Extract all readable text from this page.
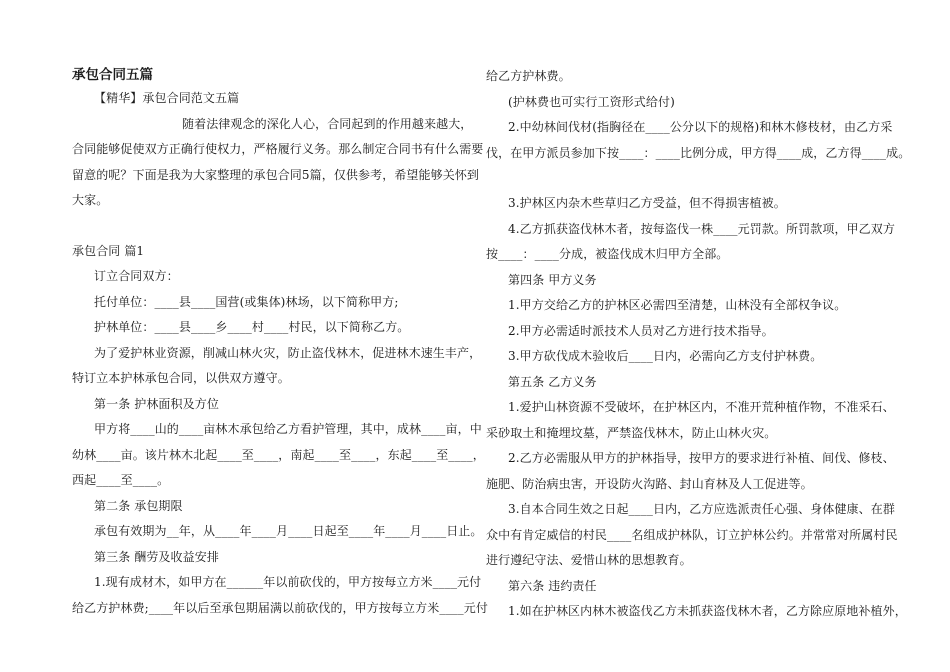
承包合同五篇

【精华】承包合同范文五篇

随着法律观念的深化人心，合同起到的作用越来越大，

合同能够促使双方正确行使权力，严格履行义务。那么制定合同书有什么需要

留意的呢？下面是我为大家整理的承包合同5篇，仅供参考，希望能够关怀到

大家。

承包合同 篇1

订立合同双方：

托付单位：____县____国营(或集体)林场，以下简称甲方;

护林单位：____县____乡____村____村民，以下简称乙方。

为了爱护林业资源，削减山林火灾，防止盗伐林木，促进林木速生丰产，

特订立本护林承包合同，以供双方遵守。

第一条 护林面积及方位

甲方将____山的____亩林木承包给乙方看护管理，其中，成林____亩，中

幼林____亩。该片林木北起____至____，南起____至____，东起____至____，

西起____至____。

第二条 承包期限

承包有效期为__年，从____年____月____日起至____年____月____日止。

第三条 酬劳及收益安排

1.现有成材木，如甲方在______年以前砍伐的，甲方按每立方米____元付

给乙方护林费;____年以后至承包期届满以前砍伐的，甲方按每立方米____元付

给乙方护林费。

(护林费也可实行工资形式给付)

2.中幼林间伐材(指胸径在____公分以下的规格)和林木修枝材，由乙方采

伐，在甲方派员参加下按____：____比例分成，甲方得____成，乙方得____成。

3.护林区内杂木些草归乙方受益，但不得损害植被。

4.乙方抓获盗伐林木者，按每盗伐一株____元罚款。所罚款项，甲乙双方

按____：____分成，被盗伐成木归甲方全部。

第四条 甲方义务

1.甲方交给乙方的护林区必需四至清楚，山林没有全部权争议。

2.甲方必需适时派技术人员对乙方进行技术指导。

3.甲方砍伐成木验收后____日内，必需向乙方支付护林费。

第五条 乙方义务

1.爱护山林资源不受破坏，在护林区内，不准开荒种植作物，不准采石、

采砂取土和掩埋坟墓，严禁盗伐林木，防止山林火灾。

2.乙方必需服从甲方的护林指导，按甲方的要求进行补植、间伐、修枝、

施肥、防治病虫害，开设防火沟路、封山育林及人工促进等。

3.自本合同生效之日起____日内，乙方应选派责任心强、身体健康、在群

众中有肯定威信的村民____名组成护林队，订立护林公约。并常常对所属村民

进行遵纪守法、爱惜山林的思想教育。

第六条 违约责任

1.如在护林区内林木被盗伐乙方未抓获盗伐林木者，乙方除应原地补植外，
